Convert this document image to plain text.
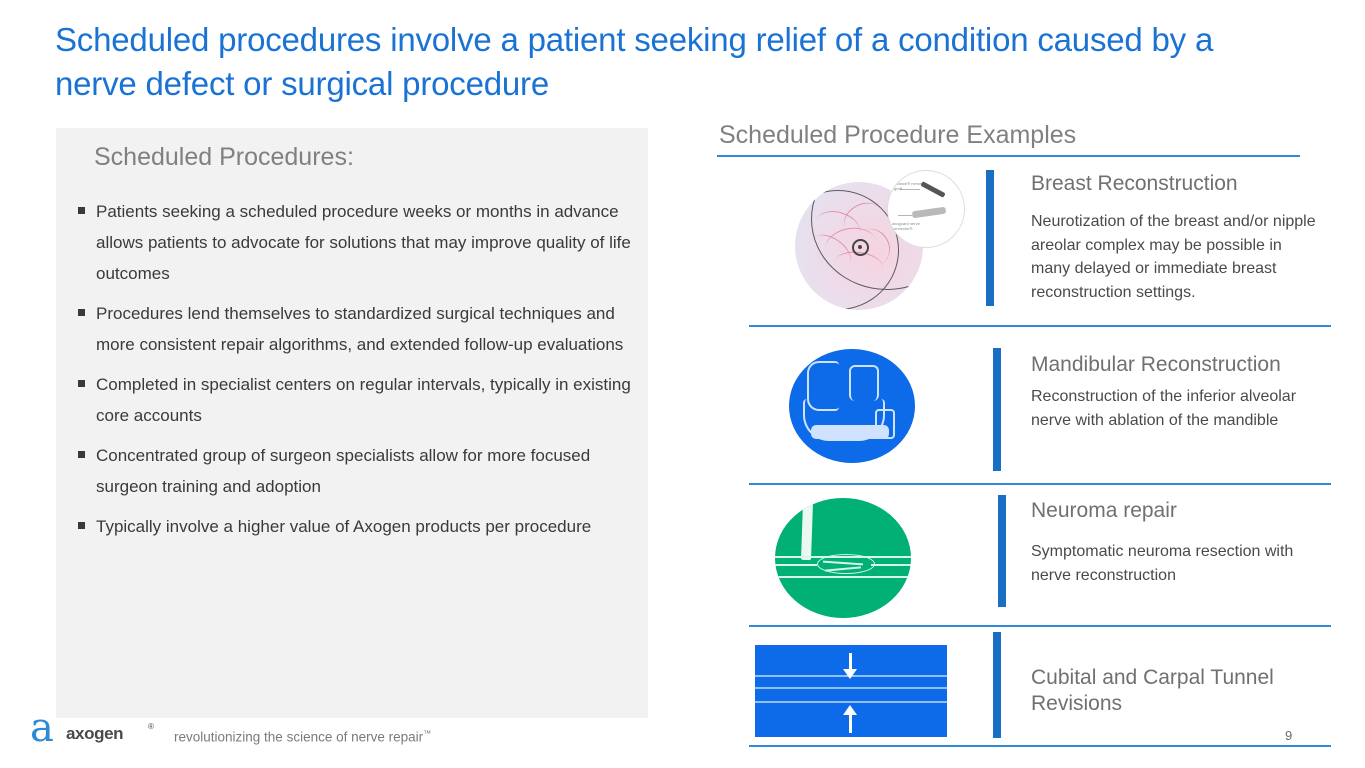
Scheduled procedures involve a patient seeking relief of a condition caused by a nerve defect or surgical procedure
Scheduled Procedures:
Patients seeking a scheduled procedure weeks or months in advance allows patients to advocate for solutions that may improve quality of life outcomes
Procedures lend themselves to standardized surgical techniques and more consistent repair algorithms, and extended follow-up evaluations
Completed in specialist centers on regular intervals, typically in existing core accounts
Concentrated group of surgeon specialists allow for more focused surgeon training and adoption
Typically involve a higher value of Axogen products per procedure
Scheduled Procedure Examples
Avance® nerve graft
axoguard nerve connector®
Breast Reconstruction
Neurotization of the breast and/or nipple areolar complex may be possible in many delayed or immediate breast reconstruction settings.
Mandibular Reconstruction
Reconstruction of the inferior alveolar nerve with ablation of the mandible
Neuroma repair
Symptomatic neuroma resection with nerve reconstruction
Cubital and Carpal Tunnel Revisions
a axogen	®
revolutionizing the science of nerve repair™	9
